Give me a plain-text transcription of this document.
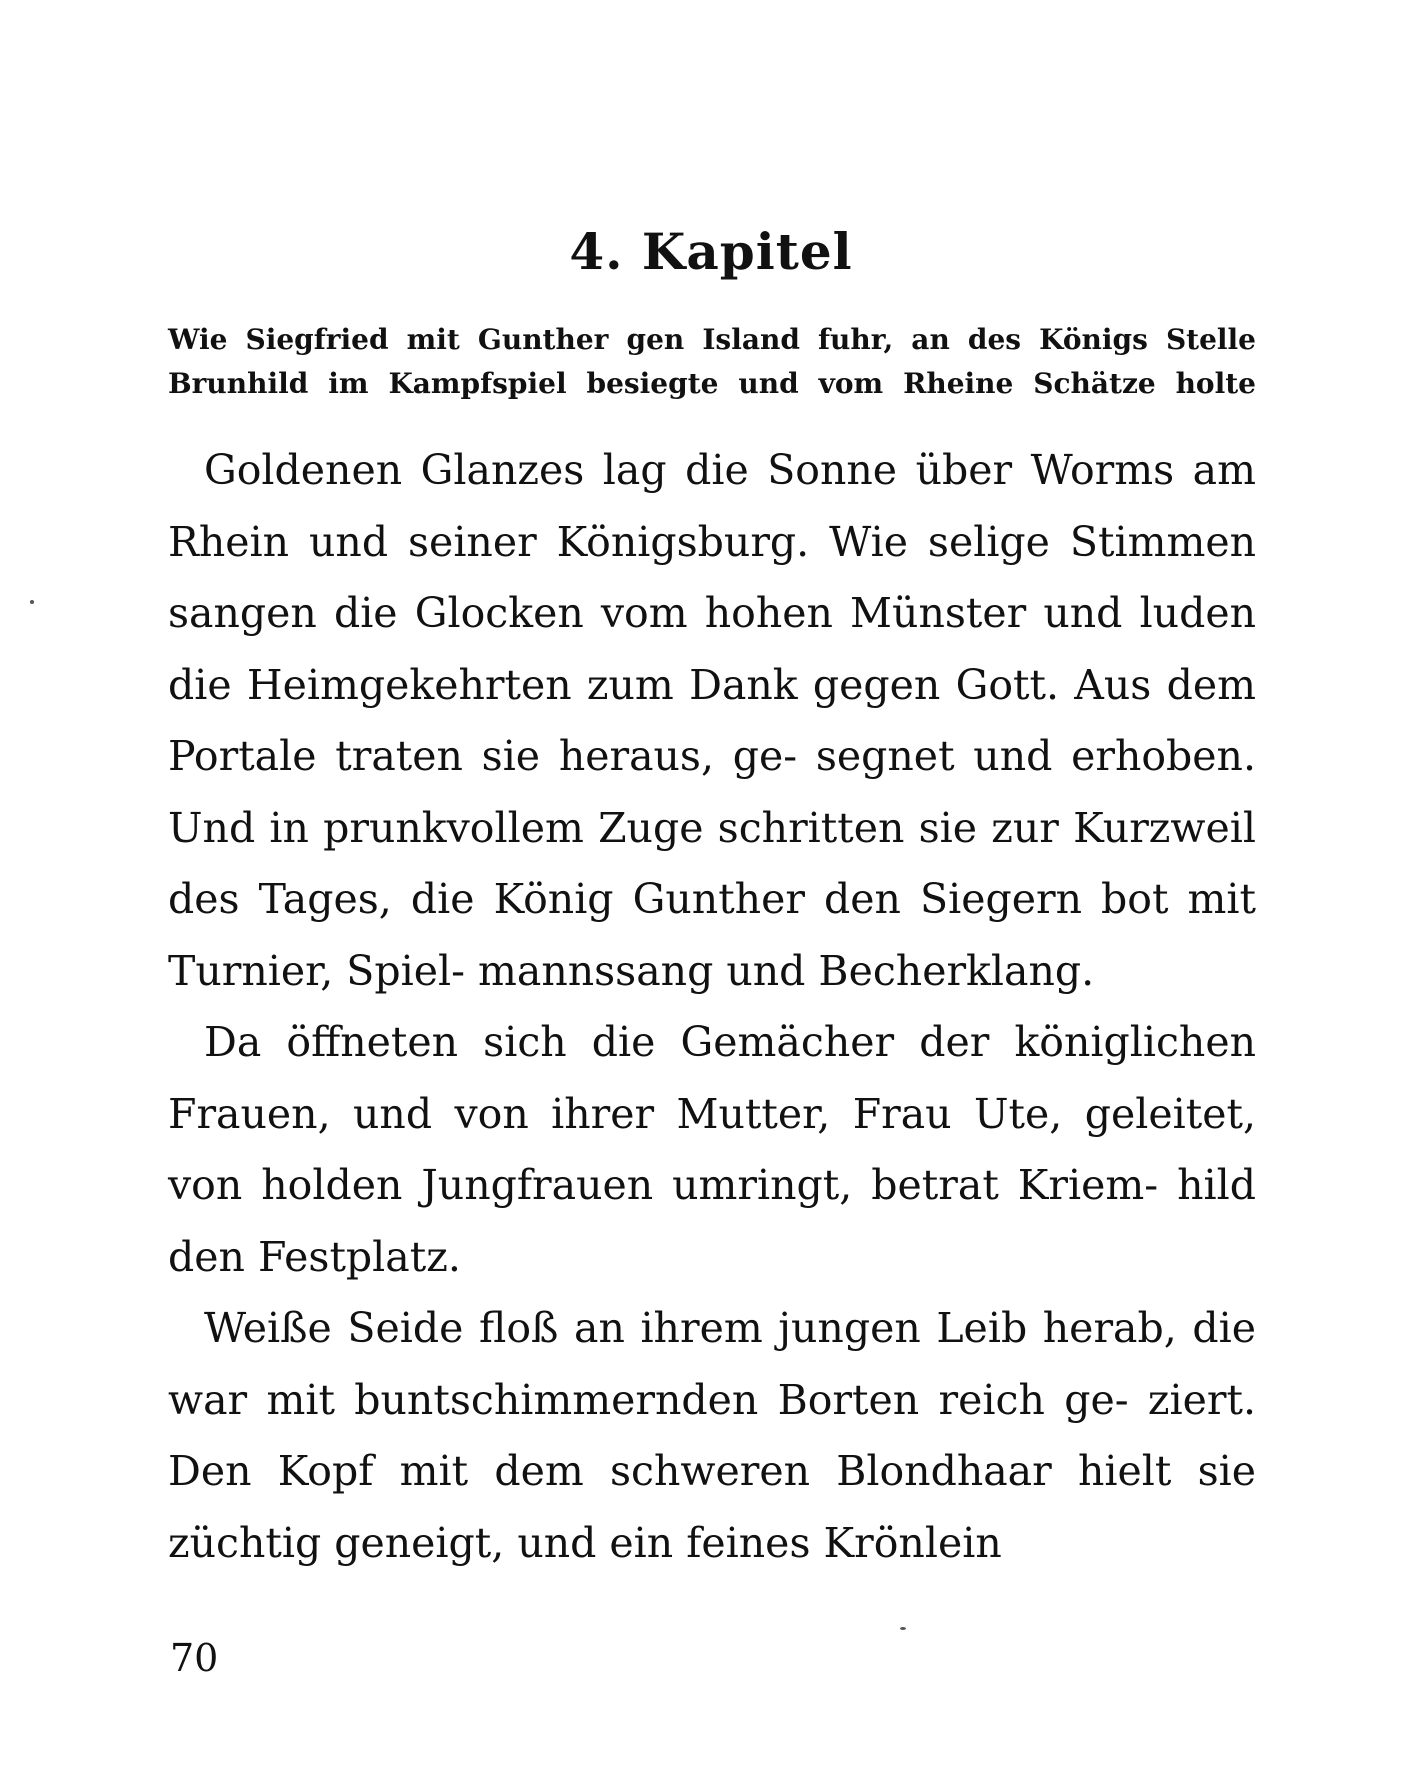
4. Kapitel
Wie Siegfried mit Gunther gen Island fuhr, an des Königs Stelle
Brunhild im Kampfspiel besiegte und vom Rheine Schätze holte

Goldenen Glanzes lag die Sonne über Worms am Rhein und seiner Königsburg. Wie selige Stimmen sangen die Glocken vom hohen Münster und luden die Heimgekehrten zum Dank gegen Gott. Aus dem Portale traten sie heraus, ge- segnet und erhoben. Und in prunkvollem Zuge schritten sie zur Kurzweil des Tages, die König Gunther den Siegern bot mit Turnier, Spiel- mannssang und Becherklang.

Da öffneten sich die Gemächer der königlichen Frauen, und von ihrer Mutter, Frau Ute, geleitet, von holden Jungfrauen umringt, betrat Kriem- hild den Festplatz.

Weiße Seide floß an ihrem jungen Leib herab, die war mit buntschimmernden Borten reich ge- ziert. Den Kopf mit dem schweren Blondhaar hielt sie züchtig geneigt, und ein feines Krönlein

70
